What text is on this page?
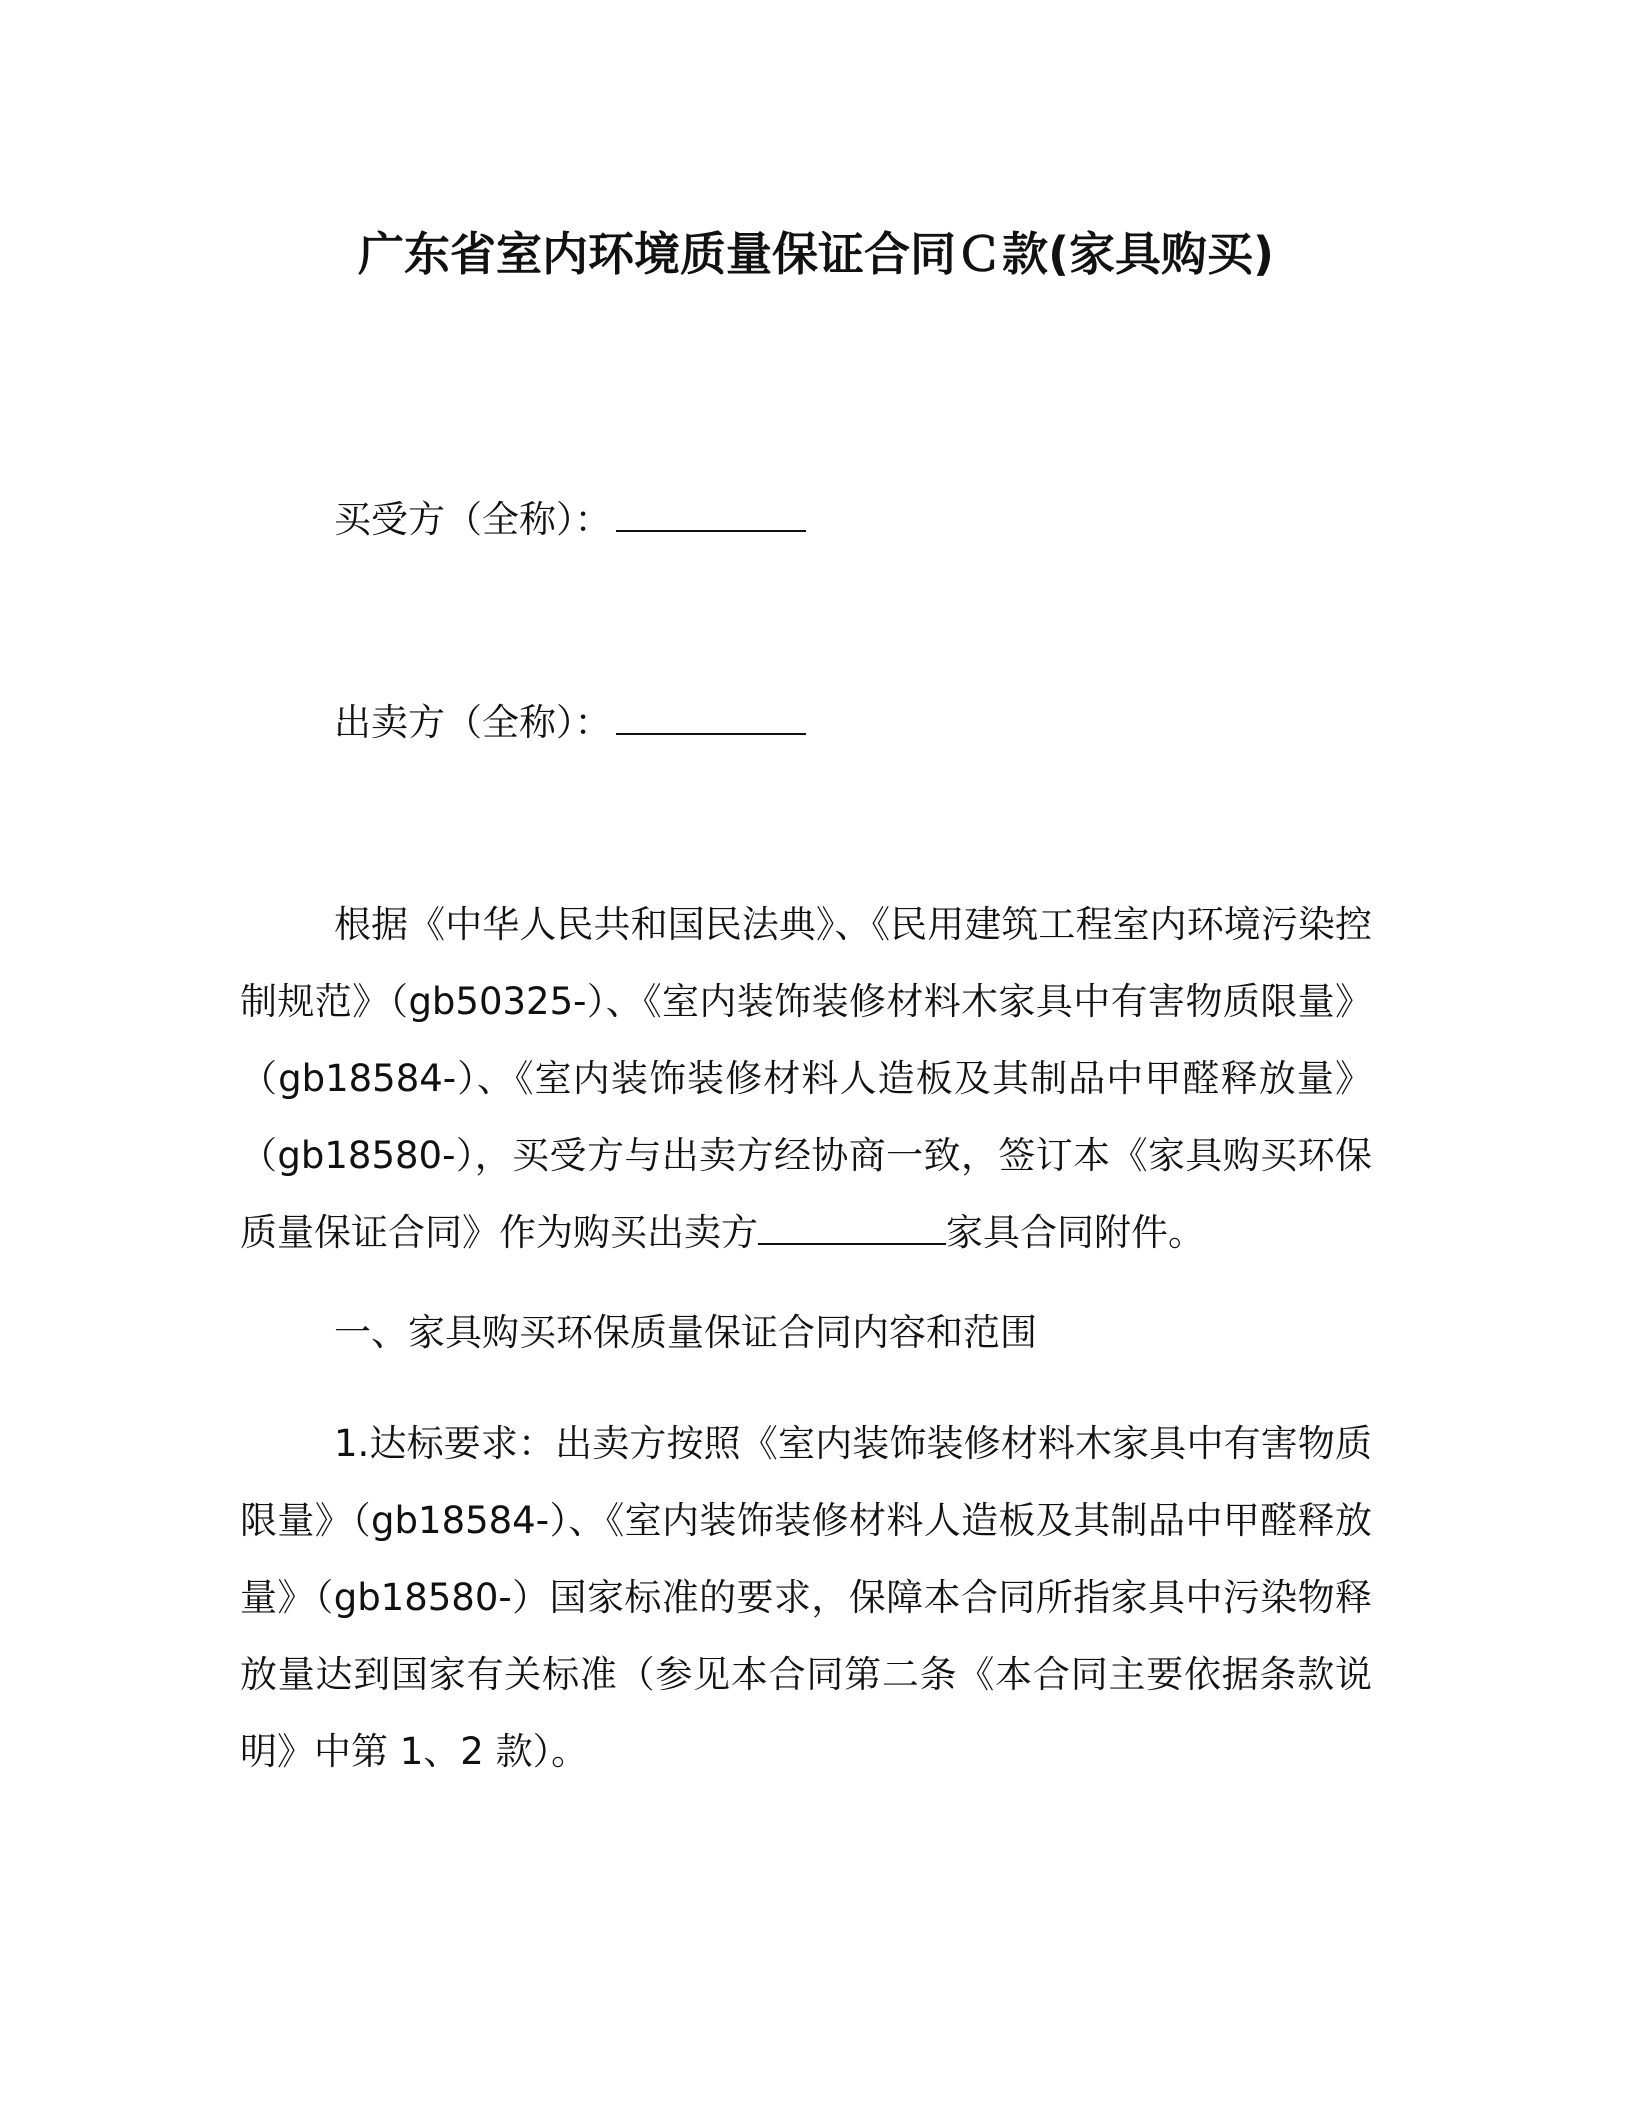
广东省室内环境质量保证合同Ｃ款(家具购买)
买受方（全称）：
出卖方（全称）：

根据《中华人民共和国民法典》、《民用建筑工程室内环境污染控制规范》（gb50325-）、《室内装饰装修材料木家具中有害物质限量》（gb18584-）、《室内装饰装修材料人造板及其制品中甲醛释放量》（gb18580-），买受方与出卖方经协商一致，签订本《家具购买环保质量保证合同》作为购买出卖方	家具合同附件。

一、家具购买环保质量保证合同内容和范围

1.达标要求：出卖方按照《室内装饰装修材料木家具中有害物质限量》（gb18584-）、《室内装饰装修材料人造板及其制品中甲醛释放量》（gb18580-）国家标准的要求，保障本合同所指家具中污染物释放量达到国家有关标准（参见本合同第二条《本合同主要依据条款说明》中第 1、2 款）。
